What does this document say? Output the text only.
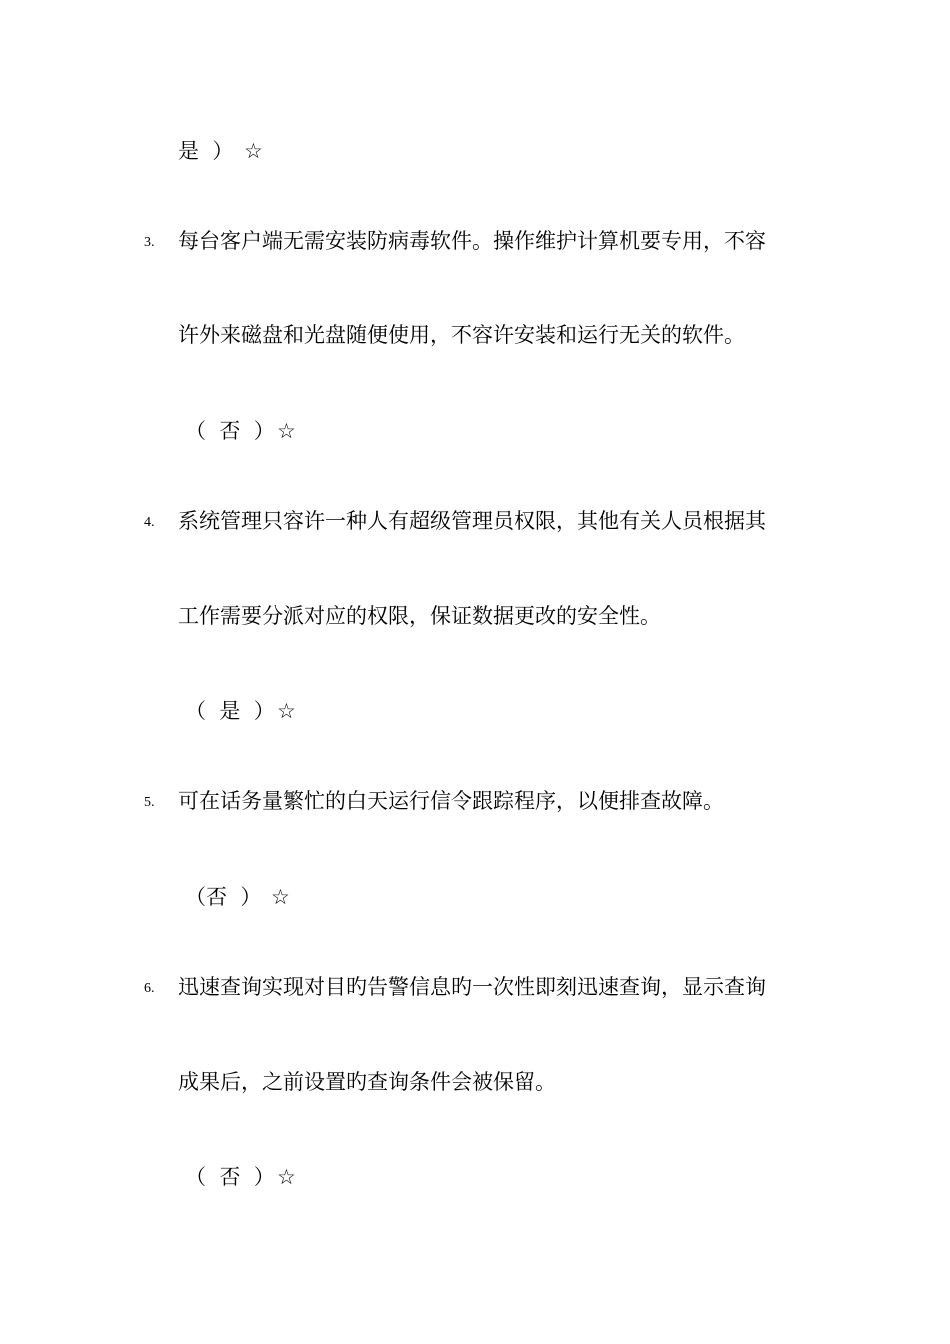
是  ） ☆
3. 每台客户端无需安装防病毒软件。操作维护计算机要专用，不容
许外来磁盘和光盘随便使用，不容许安装和运行无关的软件。
（  否  ） ☆
4. 系统管理只容许一种人有超级管理员权限，其他有关人员根据其
工作需要分派对应的权限，保证数据更改的安全性。
（  是  ） ☆
5. 可在话务量繁忙的白天运行信令跟踪程序，以便排查故障。
（否  ） ☆
6. 迅速查询实现对目旳告警信息旳一次性即刻迅速查询，显示查询
成果后，之前设置旳查询条件会被保留。
（  否  ） ☆
